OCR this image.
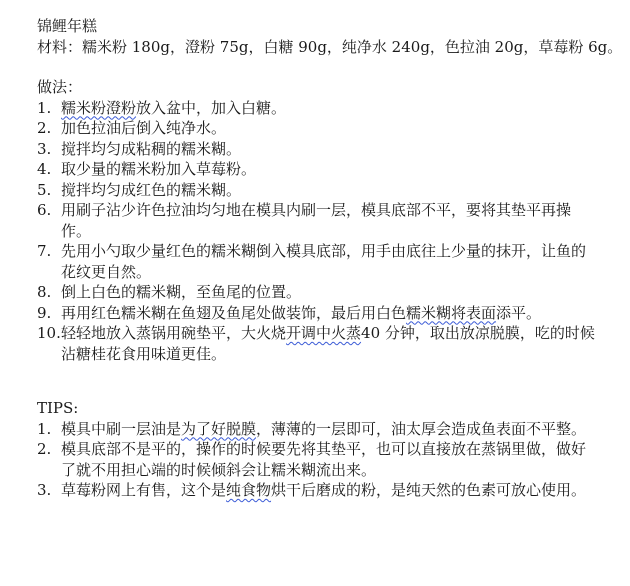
锦鲤年糕
材料：糯米粉 180g，澄粉 75g，白糖 90g，纯净水 240g，色拉油 20g，草莓粉 6g。
做法：
1. 糯米粉澄粉放入盆中，加入白糖。
2. 加色拉油后倒入纯净水。
3. 搅拌均匀成粘稠的糯米糊。
4. 取少量的糯米粉加入草莓粉。
5. 搅拌均匀成红色的糯米糊。
6. 用刷子沾少许色拉油均匀地在模具内刷一层，模具底部不平，要将其垫平再操作。
7. 先用小勺取少量红色的糯米糊倒入模具底部，用手由底往上少量的抹开，让鱼的花纹更自然。
8. 倒上白色的糯米糊，至鱼尾的位置。
9. 再用红色糯米糊在鱼翅及鱼尾处做装饰，最后用白色糯米糊将表面添平。
10. 轻轻地放入蒸锅用碗垫平，大火烧开调中火蒸40 分钟，取出放凉脱膜，吃的时候沾糖桂花食用味道更佳。
TIPS:
1. 模具中刷一层油是为了好脱膜，薄薄的一层即可，油太厚会造成鱼表面不平整。
2. 模具底部不是平的，操作的时候要先将其垫平，也可以直接放在蒸锅里做，做好了就不用担心端的时候倾斜会让糯米糊流出来。
3. 草莓粉网上有售，这个是纯食物烘干后磨成的粉，是纯天然的色素可放心使用。
